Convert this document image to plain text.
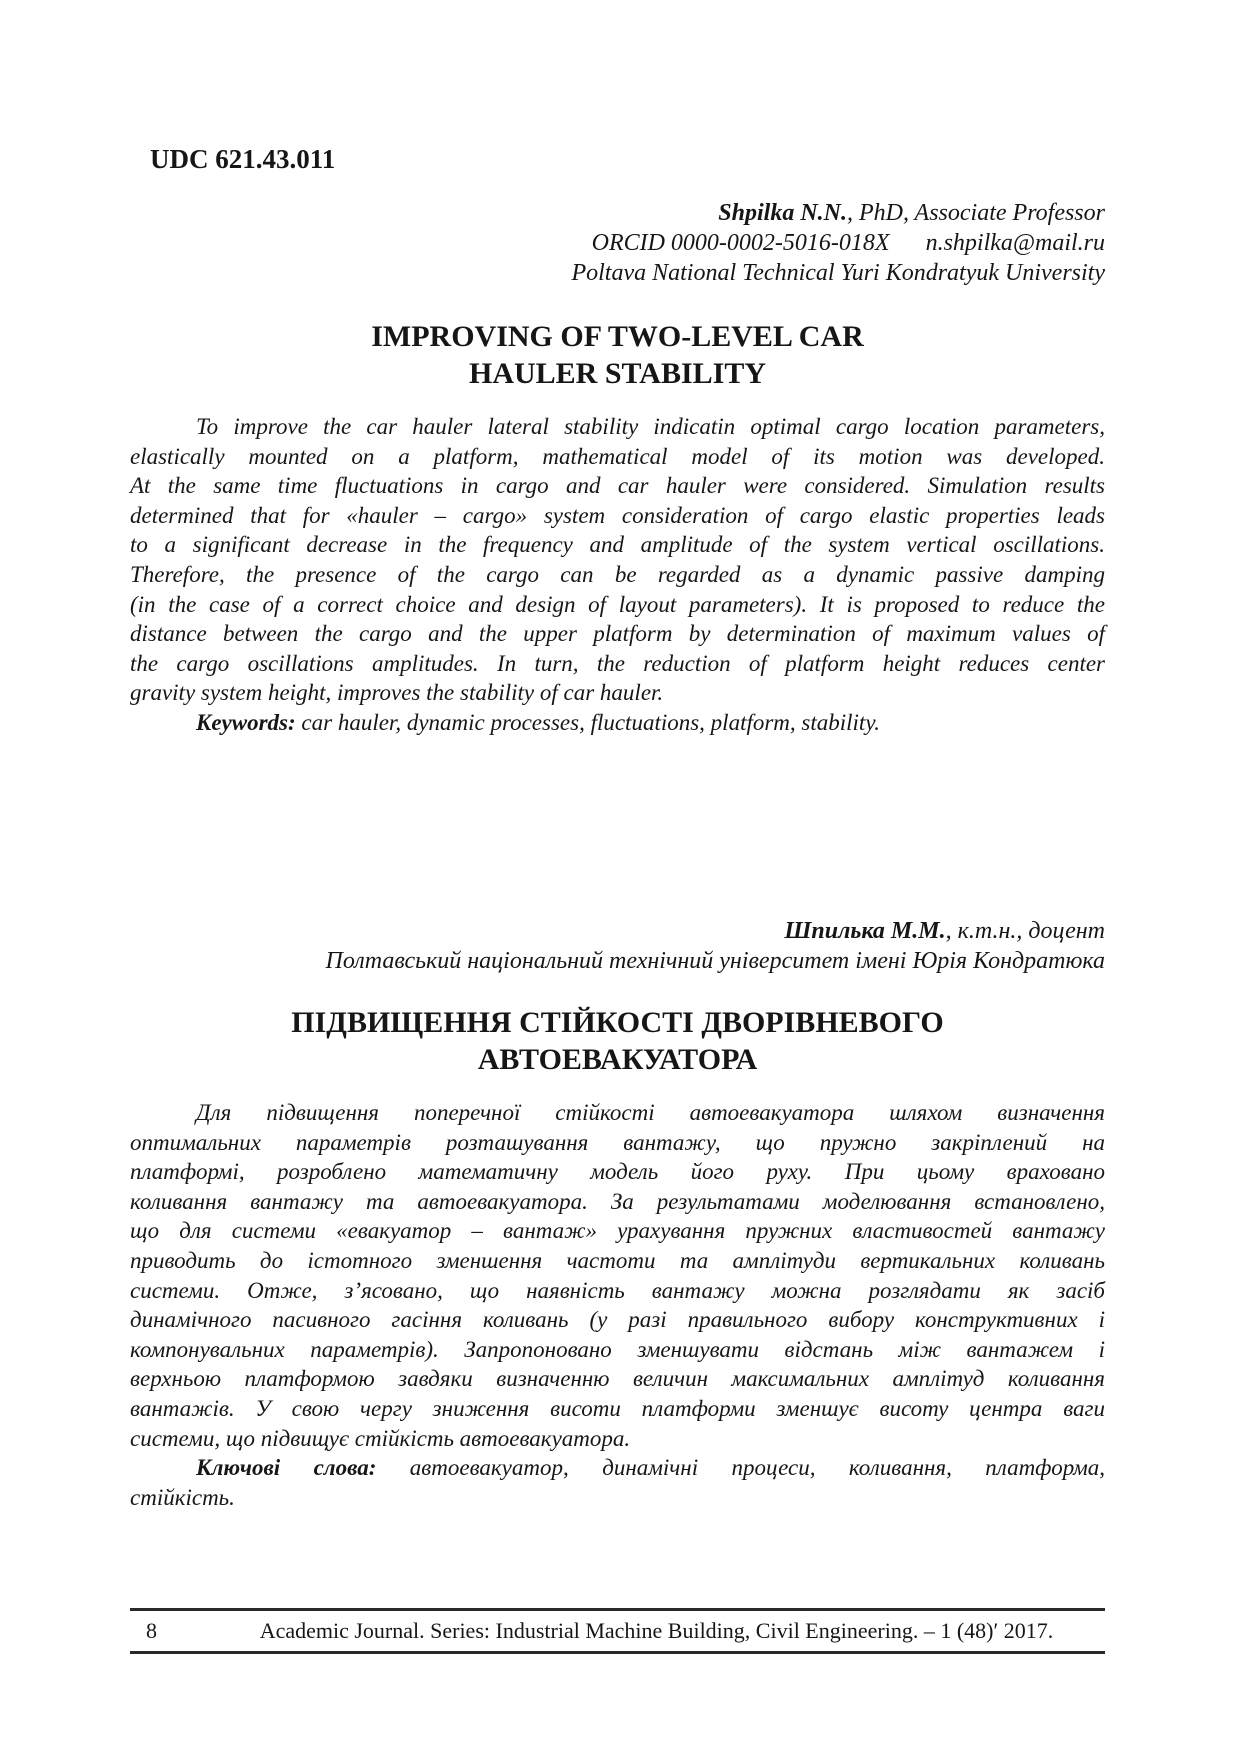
UDC 621.43.011
Shpilka N.N., PhD, Associate Professor
ORCID 0000-0002-5016-018X n.shpilka@mail.ru
Poltava National Technical Yuri Kondratyuk University
IMPROVING OF TWO-LEVEL CAR
HAULER STABILITY
To improve the car hauler lateral stability indicatin optimal cargo location parameters,
elastically mounted on a platform, mathematical model of its motion was developed.
At the same time fluctuations in cargo and car hauler were considered. Simulation results
determined that for «hauler – cargo» system consideration of cargo elastic properties leads
to a significant decrease in the frequency and amplitude of the system vertical oscillations.
Therefore, the presence of the cargo can be regarded as a dynamic passive damping
(in the case of a correct choice and design of layout parameters). It is proposed to reduce the
distance between the cargo and the upper platform by determination of maximum values of
the cargo oscillations amplitudes. In turn, the reduction of platform height reduces center
gravity system height, improves the stability of car hauler.
Keywords: car hauler, dynamic processes, fluctuations, platform, stability.
Шпилька М.М., к.т.н., доцент
Полтавський національний технічний університет імені Юрія Кондратюка
ПІДВИЩЕННЯ СТІЙКОСТІ ДВОРІВНЕВОГО
АВТОЕВАКУАТОРА
Для підвищення поперечної стійкості автоевакуатора шляхом визначення
оптимальних параметрів розташування вантажу, що пружно закріплений на
платформі, розроблено математичну модель його руху. При цьому враховано
коливання вантажу та автоевакуатора. За результатами моделювання встановлено,
що для системи «евакуатор – вантаж» урахування пружних властивостей вантажу
приводить до істотного зменшення частоти та амплітуди вертикальних коливань
системи. Отже, з’ясовано, що наявність вантажу можна розглядати як засіб
динамічного пасивного гасіння коливань (у разі правильного вибору конструктивних і
компонувальних параметрів). Запропоновано зменшувати відстань між вантажем і
верхньою платформою завдяки визначенню величин максимальних амплітуд коливання
вантажів. У свою чергу зниження висоти платформи зменшує висоту центра ваги
системи, що підвищує стійкість автоевакуатора.
Ключові слова: автоевакуатор, динамічні процеси, коливання, платформа,
стійкість.
8	Academic Journal. Series: Industrial Machine Building, Civil Engineering. – 1 (48)′ 2017.
